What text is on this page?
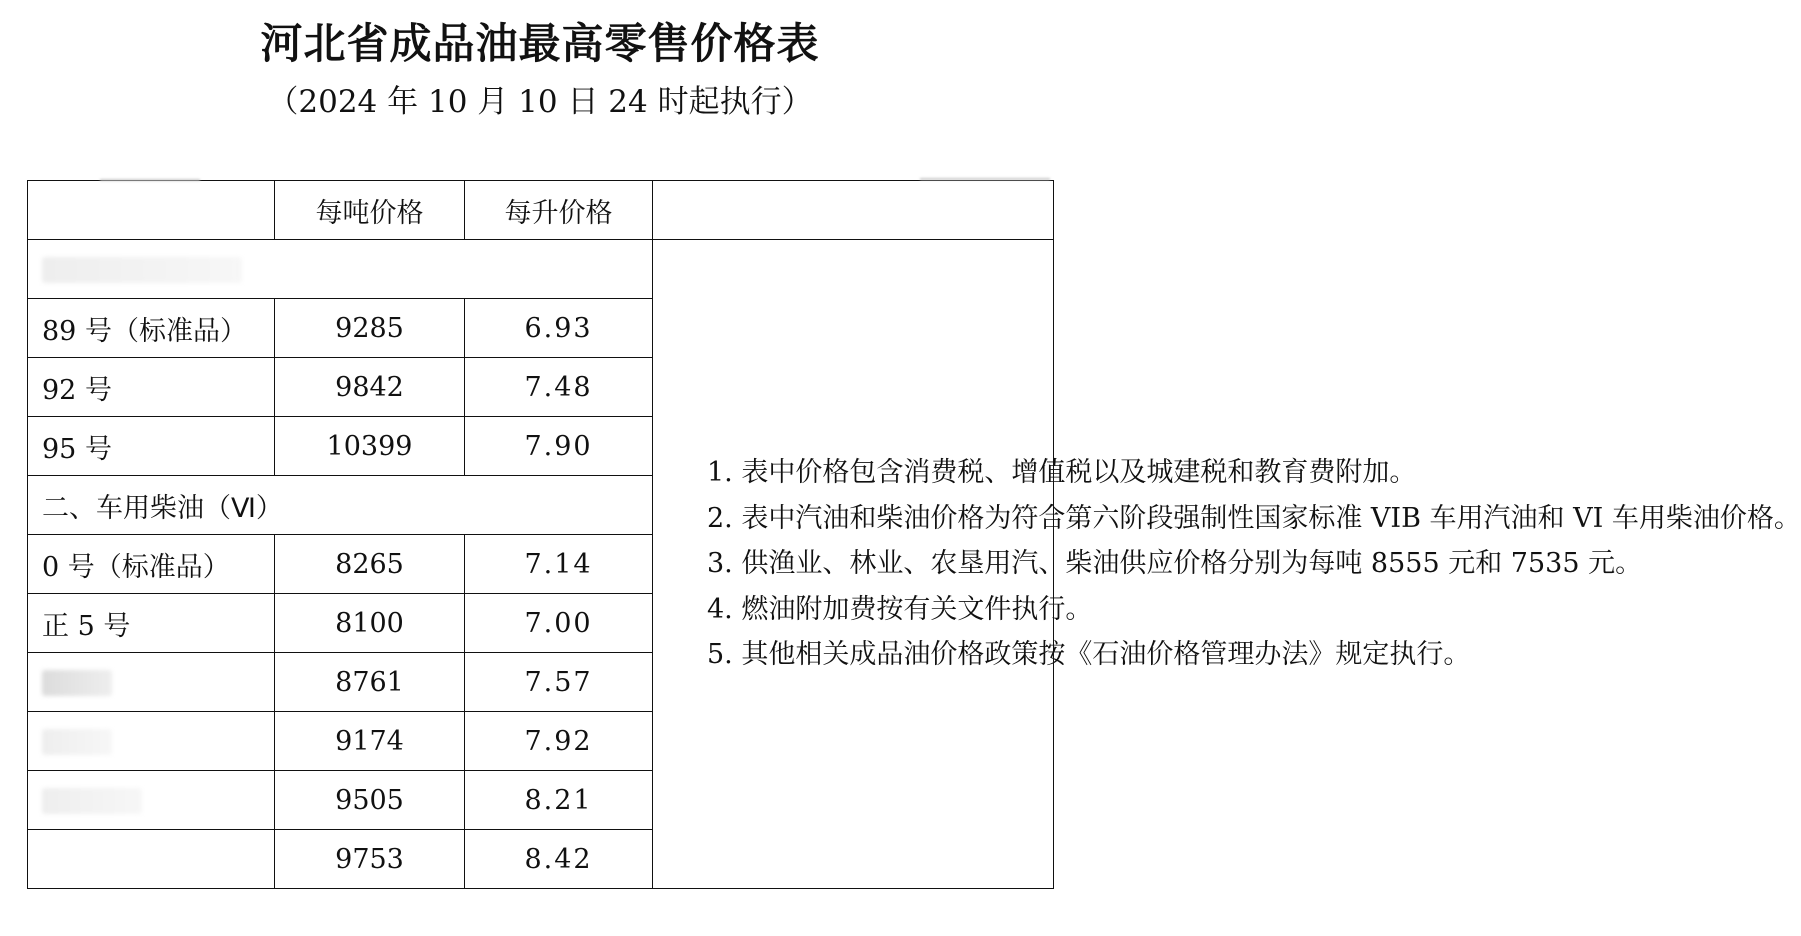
河北省成品油最高零售价格表
（2024 年 10 月 10 日 24 时起执行）
	每吨价格	每升价格	

			1. 表中价格包含消费税、增值税以及城建税和教育费附加。

2. 表中汽油和柴油价格为符合第六阶段强制性国家标准 VIB 车用汽油和 VI 车用柴油价格。

3. 供渔业、林业、农垦用汽、柴油供应价格分别为每吨 8555 元和 7535 元。

4. 燃油附加费按有关文件执行。

5. 其他相关成品油价格政策按《石油价格管理办法》规定执行。

89 号（标准品）	9285	6.93	
92 号	9842	7.48	
95 号	10399	7.90	
二、车用柴油（Ⅵ）			
0 号（标准品）	8265	7.14	
正 5 号	8100	7.00	
	8761	7.57	
	9174	7.92	
	9505	8.21	
	9753	8.42	
